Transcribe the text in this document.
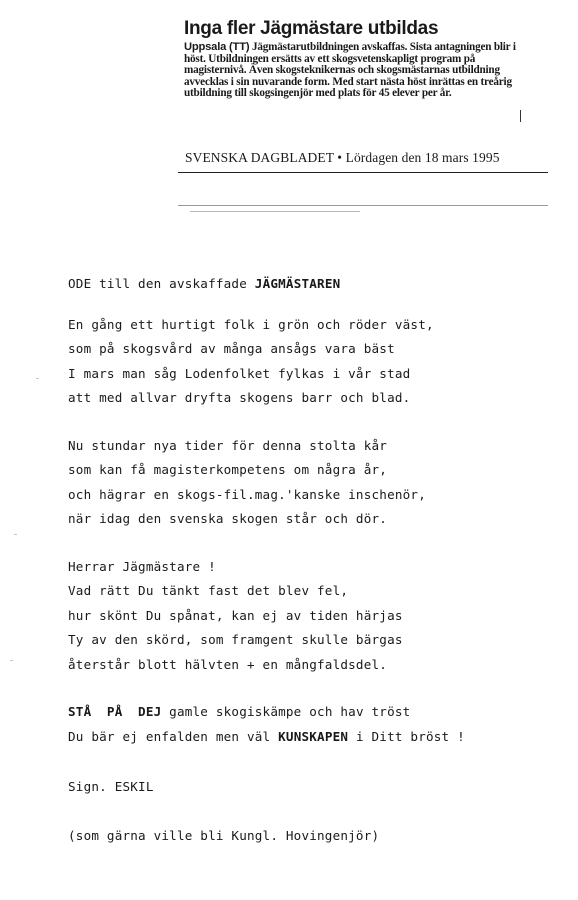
Inga fler Jägmästare utbildas
Uppsala (TT) Jägmästarutbildningen avskaffas. Sista antagningen blir i höst. Utbildningen ersätts av ett skogsvetenskapligt program på magisternivå. Även skogsteknikernas och skogsmästarnas utbildning avvecklas i sin nuvarande form. Med start nästa höst inrättas en treårig utbildning till skogsingenjör med plats för 45 elever per år.
SVENSKA DAGBLADET • Lördagen den 18 mars 1995
ODE till den avskaffade JÄGMÄSTAREN
En gång ett hurtigt folk i grön och röder väst,
som på skogsvård av många ansågs vara bäst
I mars man såg Lodenfolket fylkas i vår stad
att med allvar dryfta skogens barr och blad.
Nu stundar nya tider för denna stolta kår
som kan få magisterkompetens om några år,
och hägrar en skogs-fil.mag.'kanske inschenör,
när idag den svenska skogen står och dör.
Herrar Jägmästare !
Vad rätt Du tänkt fast det blev fel,
hur skönt Du spånat, kan ej av tiden härjas
Ty av den skörd, som framgent skulle bärgas
återstår blott hälvten + en mångfaldsdel.
STÅ  PÅ  DEJ gamle skogiskämpe och hav tröst
Du bär ej enfalden men väl KUNSKAPEN i Ditt bröst !
Sign. ESKIL
(som gärna ville bli Kungl. Hovingenjör)
